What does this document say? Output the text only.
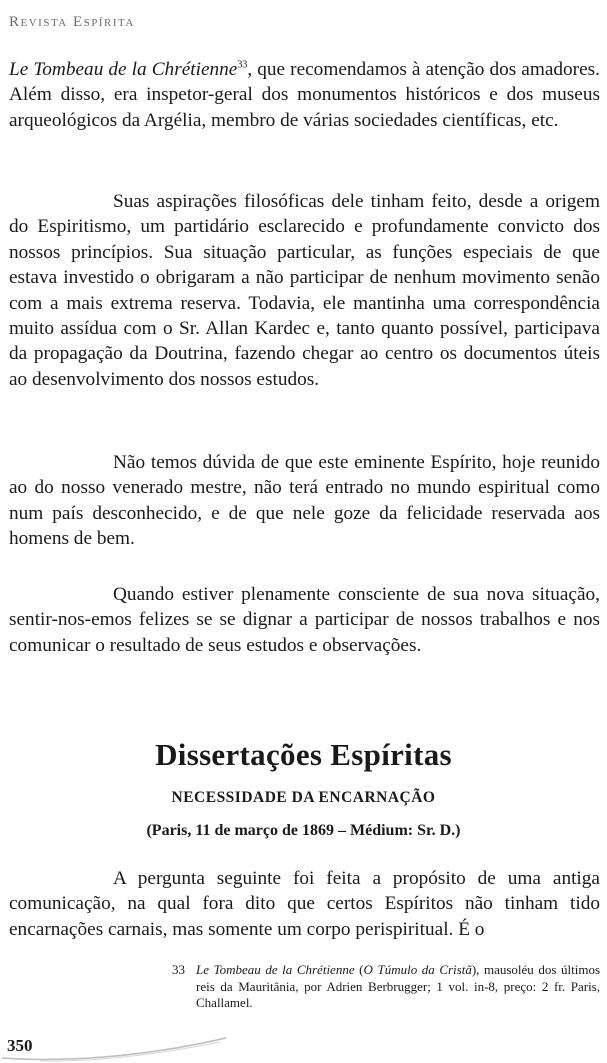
Revista Espírita

Le Tombeau de la Chrétienne$^{33}$, que recomendamos à atenção dos amadores. Além disso, era inspetor-geral dos monumentos históricos e dos museus arqueológicos da Argélia, membro de várias sociedades científicas, etc.

Suas aspirações filosóficas dele tinham feito, desde a origem do Espiritismo, um partidário esclarecido e profundamente convicto dos nossos princípios. Sua situação particular, as funções especiais de que estava investido o obrigaram a não participar de nenhum movimento senão com a mais extrema reserva. Todavia, ele mantinha uma correspondência muito assídua com o Sr. Allan Kardec e, tanto quanto possível, participava da propagação da Doutrina, fazendo chegar ao centro os documentos úteis ao desenvolvimento dos nossos estudos.

Não temos dúvida de que este eminente Espírito, hoje reunido ao do nosso venerado mestre, não terá entrado no mundo espiritual como num país desconhecido, e de que nele goze da felicidade reservada aos homens de bem.

Quando estiver plenamente consciente de sua nova situação, sentir-nos-emos felizes se se dignar a participar de nossos trabalhos e nos comunicar o resultado de seus estudos e observações.

Dissertações Espíritas
NECESSIDADE DA ENCARNAÇÃO
(Paris, 11 de março de 1869 – Médium: Sr. D.)

A pergunta seguinte foi feita a propósito de uma antiga comunicação, na qual fora dito que certos Espíritos não tinham tido encarnações carnais, mas somente um corpo perispiritual. É o

33 Le Tombeau de la Chrétienne (O Túmulo da Cristã), mausoléu dos últimos reis da Mauritânia, por Adrien Berbrugger; 1 vol. in-8, preço: 2 fr. Paris, Challamel.

350
